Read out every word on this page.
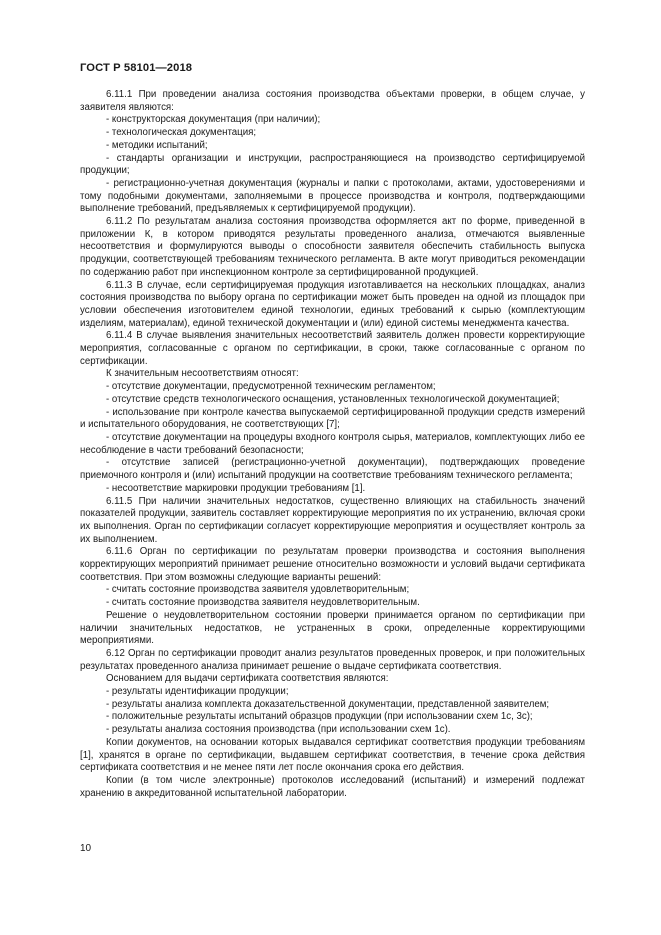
ГОСТ Р 58101—2018

6.11.1 При проведении анализа состояния производства объектами проверки, в общем случае, у заявителя являются:

- конструкторская документация (при наличии);

- технологическая документация;

- методики испытаний;

- стандарты организации и инструкции, распространяющиеся на производство сертифицируемой продукции;

- регистрационно-учетная документация (журналы и папки с протоколами, актами, удостоверениями и тому подобными документами, заполняемыми в процессе производства и контроля, подтверждающими выполнение требований, предъявляемых к сертифицируемой продукции).

6.11.2 По результатам анализа состояния производства оформляется акт по форме, приведенной в приложении К, в котором приводятся результаты проведенного анализа, отмечаются выявленные несоответствия и формулируются выводы о способности заявителя обеспечить стабильность выпуска продукции, соответствующей требованиям технического регламента. В акте могут приводиться рекомендации по содержанию работ при инспекционном контроле за сертифицированной продукцией.

6.11.3 В случае, если сертифицируемая продукция изготавливается на нескольких площадках, анализ состояния производства по выбору органа по сертификации может быть проведен на одной из площадок при условии обеспечения изготовителем единой технологии, единых требований к сырью (комплектующим изделиям, материалам), единой технической документации и (или) единой системы менеджмента качества.

6.11.4 В случае выявления значительных несоответствий заявитель должен провести корректирующие мероприятия, согласованные с органом по сертификации, в сроки, также согласованные с органом по сертификации.

К значительным несоответствиям относят:

- отсутствие документации, предусмотренной техническим регламентом;

- отсутствие средств технологического оснащения, установленных технологической документацией;

- использование при контроле качества выпускаемой сертифицированной продукции средств измерений и испытательного оборудования, не соответствующих [7];

- отсутствие документации на процедуры входного контроля сырья, материалов, комплектующих либо ее несоблюдение в части требований безопасности;

- отсутствие записей (регистрационно-учетной документации), подтверждающих проведение приемочного контроля и (или) испытаний продукции на соответствие требованиям технического регламента;

- несоответствие маркировки продукции требованиям [1].

6.11.5 При наличии значительных недостатков, существенно влияющих на стабильность значений показателей продукции, заявитель составляет корректирующие мероприятия по их устранению, включая сроки их выполнения. Орган по сертификации согласует корректирующие мероприятия и осуществляет контроль за их выполнением.

6.11.6 Орган по сертификации по результатам проверки производства и состояния выполнения корректирующих мероприятий принимает решение относительно возможности и условий выдачи сертификата соответствия. При этом возможны следующие варианты решений:

- считать состояние производства заявителя удовлетворительным;

- считать состояние производства заявителя неудовлетворительным.

Решение о неудовлетворительном состоянии проверки принимается органом по сертификации при наличии значительных недостатков, не устраненных в сроки, определенные корректирующими мероприятиями.

6.12 Орган по сертификации проводит анализ результатов проведенных проверок, и при положительных результатах проведенного анализа принимает решение о выдаче сертификата соответствия.

Основанием для выдачи сертификата соответствия являются:

- результаты идентификации продукции;

- результаты анализа комплекта доказательственной документации, представленной заявителем;

- положительные результаты испытаний образцов продукции (при использовании схем 1с, 3с);

- результаты анализа состояния производства (при использовании схем 1с).

Копии документов, на основании которых выдавался сертификат соответствия продукции требованиям [1], хранятся в органе по сертификации, выдавшем сертификат соответствия, в течение срока действия сертификата соответствия и не менее пяти лет после окончания срока его действия.

Копии (в том числе электронные) протоколов исследований (испытаний) и измерений подлежат хранению в аккредитованной испытательной лаборатории.

10
